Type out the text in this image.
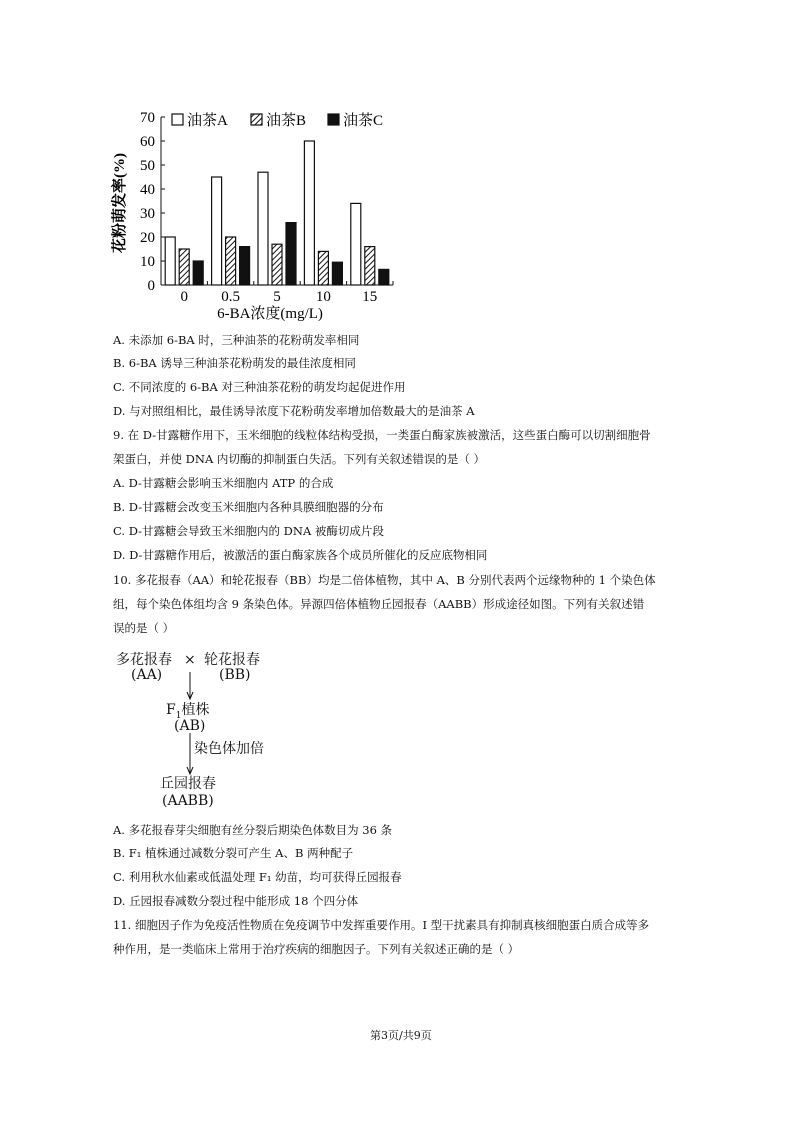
油茶A	油茶B 油茶C
0
10
20
30
40
50
60
70
0 0.5 5 10 15
花粉萌发率(%)
6-BA浓度(mg/L)
A. 未添加 6-BA 时，三种油茶的花粉萌发率相同
B. 6-BA 诱导三种油茶花粉萌发的最佳浓度相同
C. 不同浓度的 6-BA 对三种油茶花粉的萌发均起促进作用
D. 与对照组相比，最佳诱导浓度下花粉萌发率增加倍数最大的是油茶 A
9. 在 D-甘露糖作用下，玉米细胞的线粒体结构受损，一类蛋白酶家族被激活，这些蛋白酶可以切割细胞骨
架蛋白，并使 DNA 内切酶的抑制蛋白失活。下列有关叙述错误的是（ ）
A. D-甘露糖会影响玉米细胞内 ATP 的合成
B. D-甘露糖会改变玉米细胞内各种具膜细胞器的分布
C. D-甘露糖会导致玉米细胞内的 DNA 被酶切成片段
D. D-甘露糖作用后，被激活的蛋白酶家族各个成员所催化的反应底物相同
10. 多花报春（AA）和轮花报春（BB）均是二倍体植物，其中 A、B 分别代表两个远缘物种的 1 个染色体
组，每个染色体组均含 9 条染色体。异源四倍体植物丘园报春（AABB）形成途径如图。下列有关叙述错
误的是（ ）
多花报春 × 轮花报春
(AA)	(BB)
$F_1$植株
(AB)
染色体加倍
丘园报春
(AABB)
A. 多花报春芽尖细胞有丝分裂后期染色体数目为 36 条
B. F₁ 植株通过减数分裂可产生 A、B 两种配子
C. 利用秋水仙素或低温处理 F₁ 幼苗，均可获得丘园报春
D. 丘园报春减数分裂过程中能形成 18 个四分体
11. 细胞因子作为免疫活性物质在免疫调节中发挥重要作用。I 型干扰素具有抑制真核细胞蛋白质合成等多
种作用，是一类临床上常用于治疗疾病的细胞因子。下列有关叙述正确的是（ ）
第3页/共9页
